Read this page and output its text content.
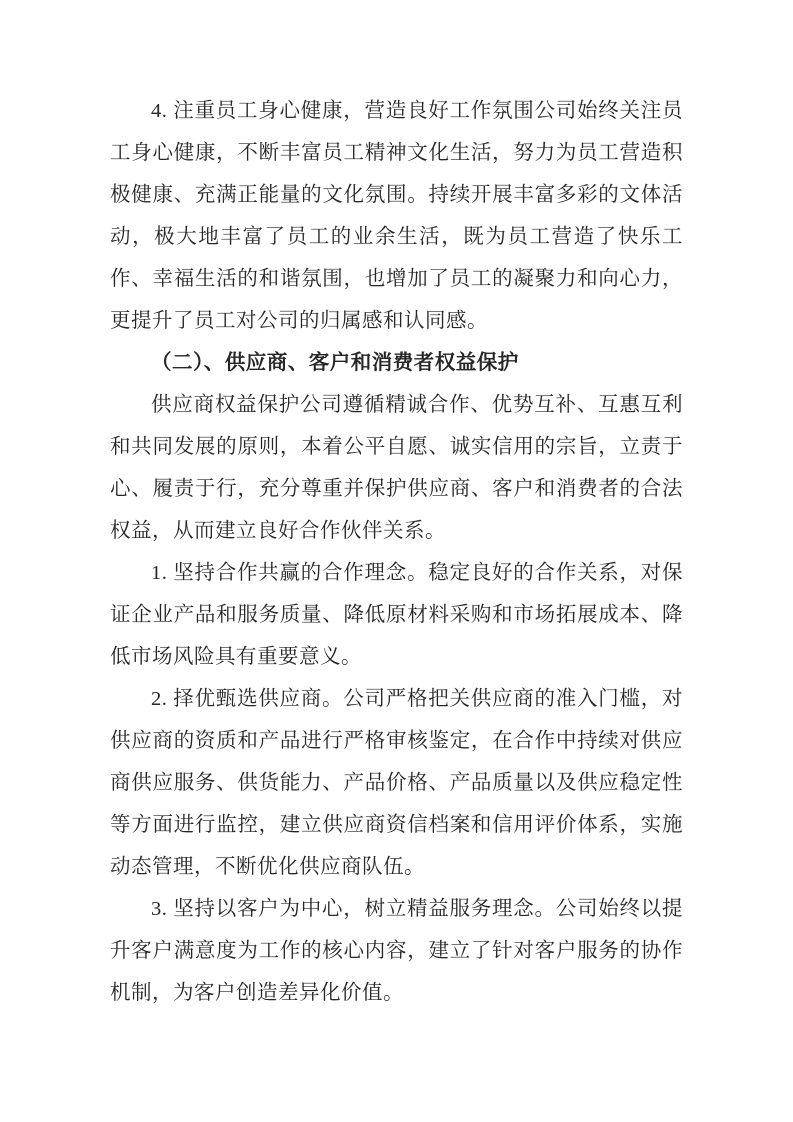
4. 注重员工身心健康，营造良好工作氛围公司始终关注员工身心健康，不断丰富员工精神文化生活，努力为员工营造积极健康、充满正能量的文化氛围。持续开展丰富多彩的文体活动，极大地丰富了员工的业余生活，既为员工营造了快乐工作、幸福生活的和谐氛围，也增加了员工的凝聚力和向心力，更提升了员工对公司的归属感和认同感。

（二）、供应商、客户和消费者权益保护

供应商权益保护公司遵循精诚合作、优势互补、互惠互利和共同发展的原则，本着公平自愿、诚实信用的宗旨，立责于心、履责于行，充分尊重并保护供应商、客户和消费者的合法权益，从而建立良好合作伙伴关系。

1. 坚持合作共赢的合作理念。稳定良好的合作关系，对保证企业产品和服务质量、降低原材料采购和市场拓展成本、降低市场风险具有重要意义。

2. 择优甄选供应商。公司严格把关供应商的准入门槛，对供应商的资质和产品进行严格审核鉴定，在合作中持续对供应商供应服务、供货能力、产品价格、产品质量以及供应稳定性等方面进行监控，建立供应商资信档案和信用评价体系，实施动态管理，不断优化供应商队伍。

3. 坚持以客户为中心，树立精益服务理念。公司始终以提升客户满意度为工作的核心内容，建立了针对客户服务的协作机制，为客户创造差异化价值。
